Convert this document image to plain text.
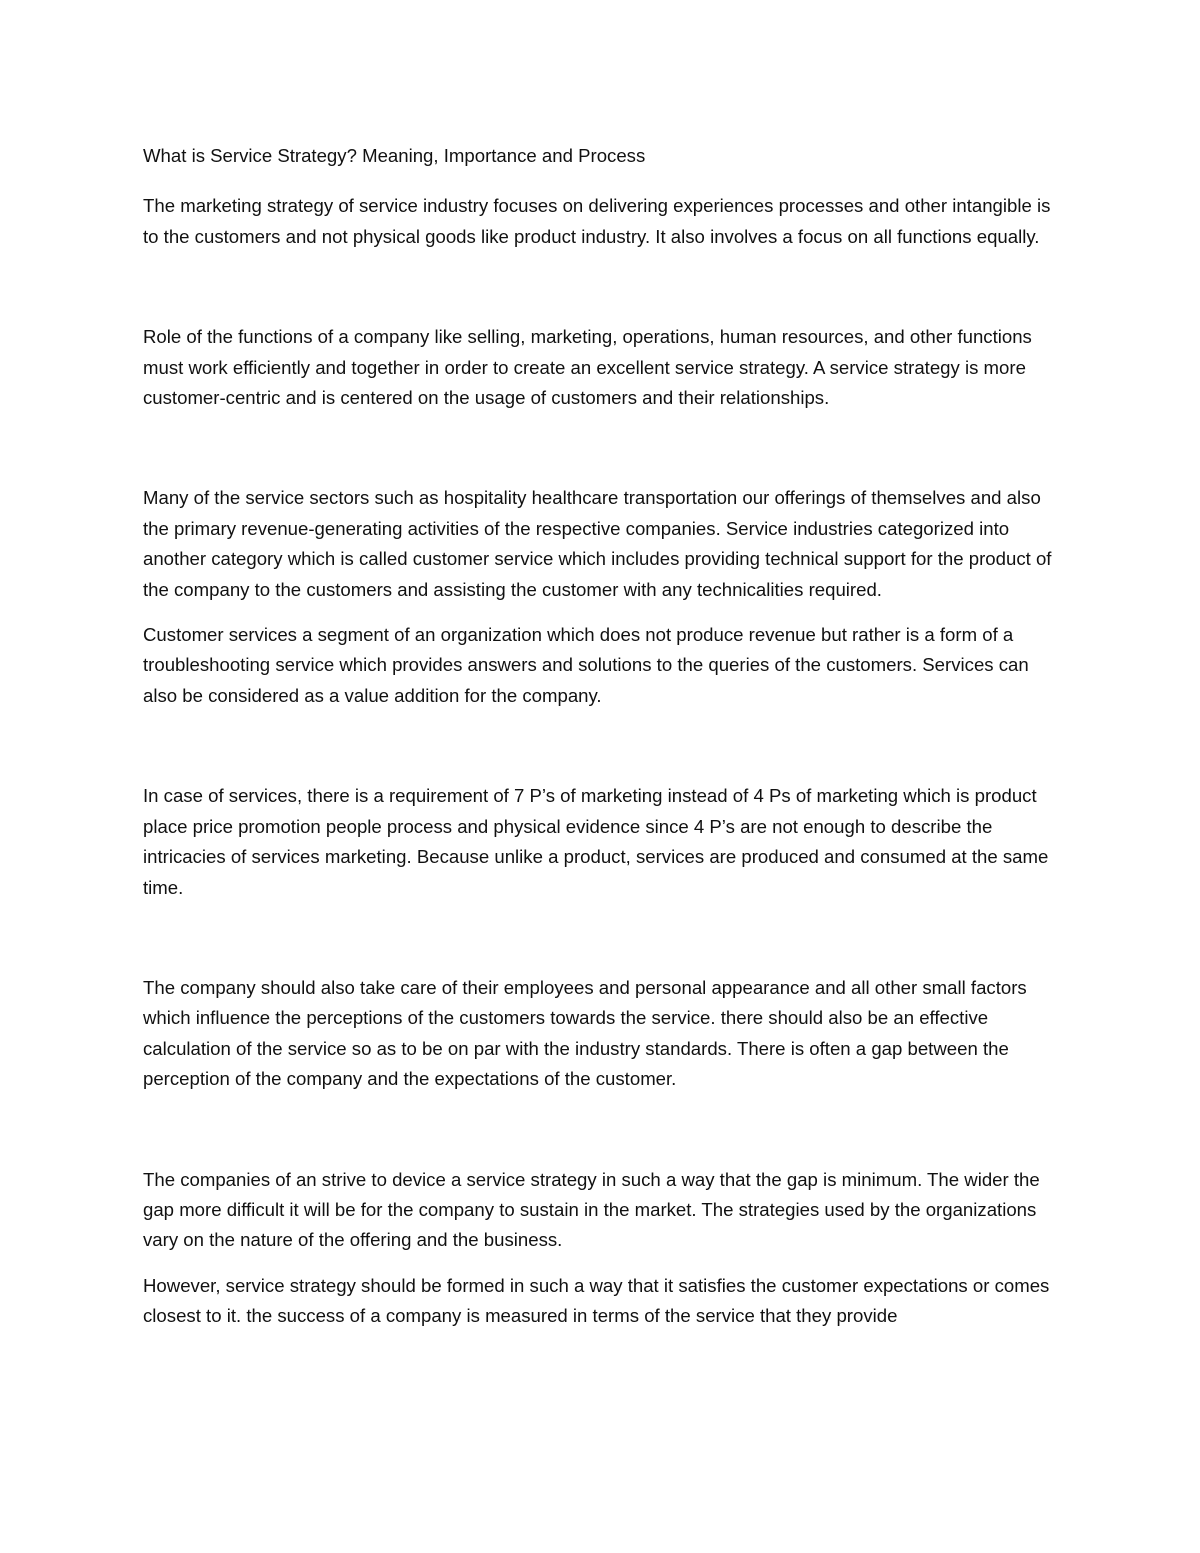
What is Service Strategy? Meaning, Importance and Process

The marketing strategy of service industry focuses on delivering experiences processes and other intangible is to the customers and not physical goods like product industry. It also involves a focus on all functions equally.

Role of the functions of a company like selling, marketing, operations, human resources, and other functions must work efficiently and together in order to create an excellent service strategy. A service strategy is more customer-centric and is centered on the usage of customers and their relationships.

Many of the service sectors such as hospitality healthcare transportation our offerings of themselves and also the primary revenue-generating activities of the respective companies. Service industries categorized into another category which is called customer service which includes providing technical support for the product of the company to the customers and assisting the customer with any technicalities required.

Customer services a segment of an organization which does not produce revenue but rather is a form of a troubleshooting service which provides answers and solutions to the queries of the customers. Services can also be considered as a value addition for the company.

In case of services, there is a requirement of 7 P’s of marketing instead of 4 Ps of marketing which is product place price promotion people process and physical evidence since 4 P’s are not enough to describe the intricacies of services marketing. Because unlike a product, services are produced and consumed at the same time.

The company should also take care of their employees and personal appearance and all other small factors which influence the perceptions of the customers towards the service. there should also be an effective calculation of the service so as to be on par with the industry standards. There is often a gap between the perception of the company and the expectations of the customer.

The companies of an strive to device a service strategy in such a way that the gap is minimum. The wider the gap more difficult it will be for the company to sustain in the market. The strategies used by the organizations vary on the nature of the offering and the business.

However, service strategy should be formed in such a way that it satisfies the customer expectations or comes closest to it. the success of a company is measured in terms of the service that they provide
